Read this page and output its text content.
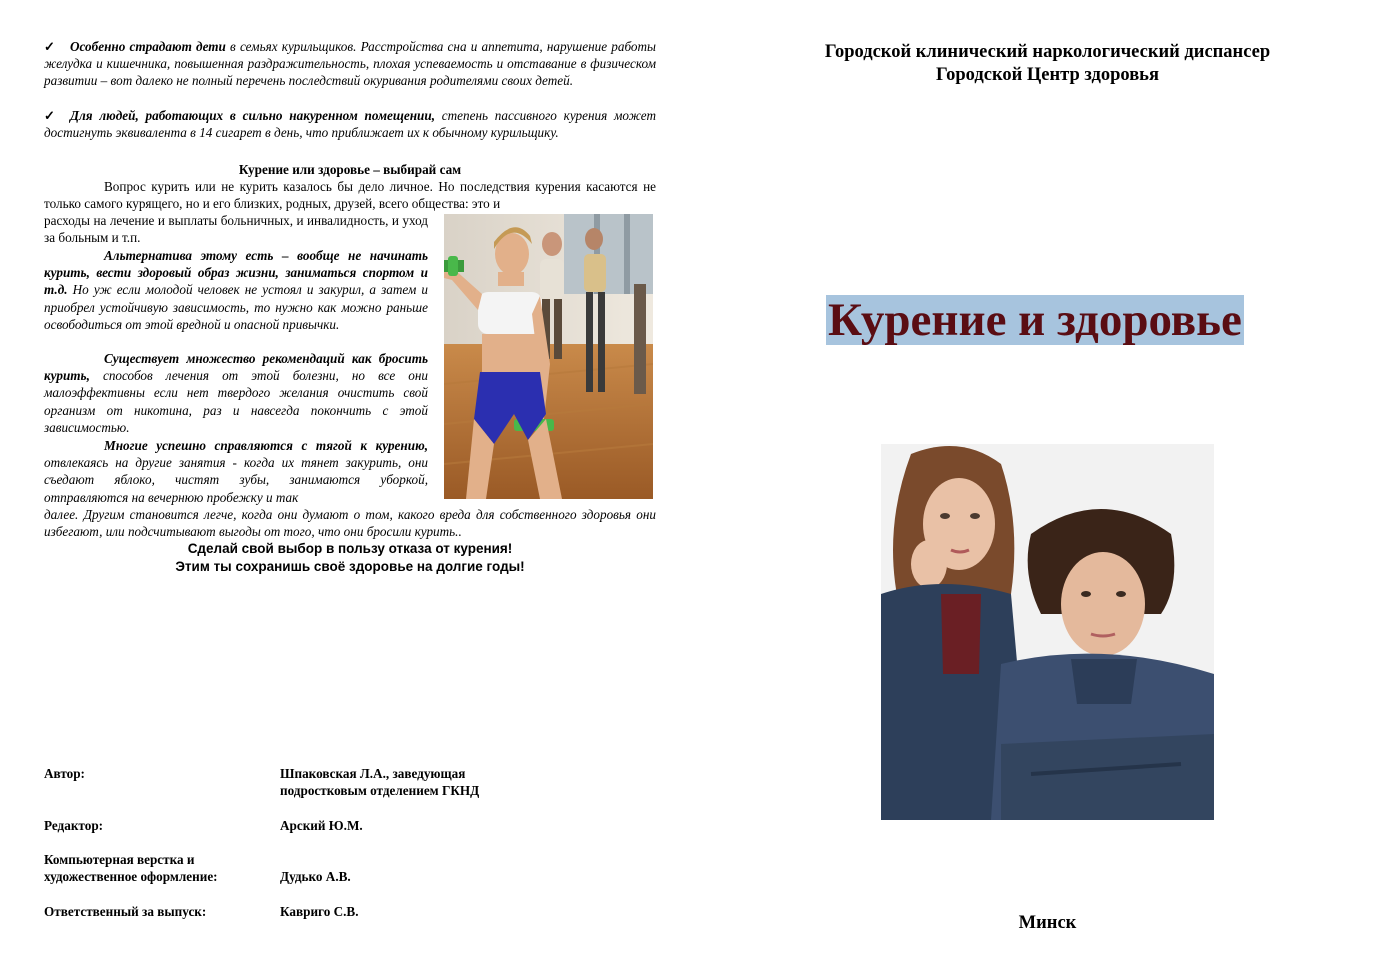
✓ Особенно страдают дети в семьях курильщиков. Расстройства сна и аппетита, нарушение работы желудка и кишечника, повышенная раздражительность, плохая успеваемость и отставание в физическом развитии – вот далеко не полный перечень последствий окуривания родителями своих детей.
✓ Для людей, работающих в сильно накуренном помещении, степень пассивного курения может достигнуть эквивалента в 14 сигарет в день, что приближает их к обычному курильщику.
Курение или здоровье – выбирай сам
Вопрос курить или не курить казалось бы дело личное. Но последствия курения касаются не только самого курящего, но и его близких, родных, друзей, всего общества: это и
расходы на лечение и выплаты больничных, и инвалидность, и уход за больным и т.п.
Альтернатива этому есть – вообще не начинать курить, вести здоровый образ жизни, заниматься спортом и т.д. Но уж если молодой человек не устоял и закурил, а затем и приобрел устойчивую зависимость, то нужно как можно раньше освободиться от этой вредной и опасной привычки.
Существует множество рекомендаций как бросить курить, способов лечения от этой болезни, но все они малоэффективны если нет твердого желания очистить свой организм от никотина, раз и навсегда покончить с этой зависимостью.
Многие успешно справляются с тягой к курению, отвлекаясь на другие занятия - когда их тянет закурить, они съедают яблоко, чистят зубы, занимаются уборкой, отправляются на вечернюю пробежку и так
далее. Другим становится легче, когда они думают о том, какого вреда для собственного здоровья они избегают, или подсчитывают выгоды от того, что они бросили курить..
Сделай свой выбор в пользу отказа от курения!
Этим ты сохранишь своё здоровье на долгие годы!
Автор:	Шпаковская Л.А., заведующая подростковым отделением ГКНД
Редактор:	Арский Ю.М.
Компьютерная верстка и художественное оформление:	Дудько А.В.
Ответственный за выпуск:	Кавриго С.В.
Городской клинический наркологический диспансер
Городской Центр здоровья
Курение и здоровье
Минск
